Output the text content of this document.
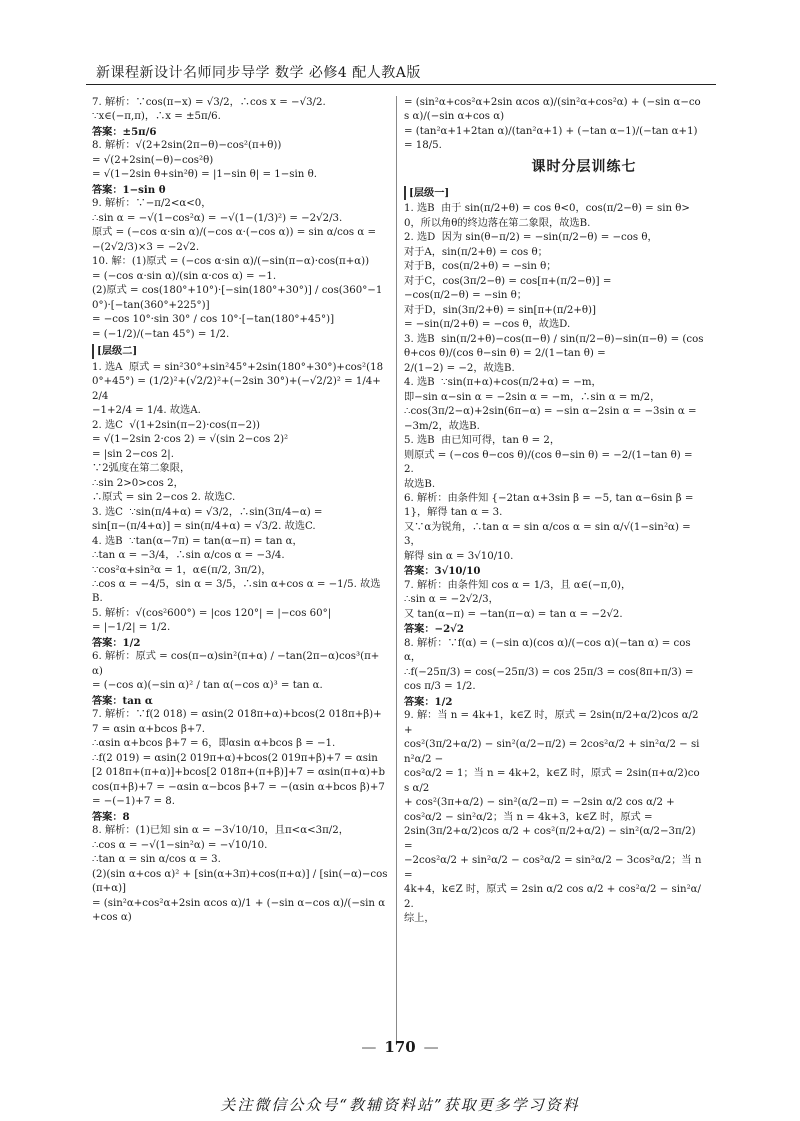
新课程新设计名师同步导学 数学 必修4 配人教A版

7. 解析：∵cos(π−x) = √3/2，∴cos x = −√3/2.

∵x∈(−π,π)，∴x = ±5π/6.

答案：±5π/6

8. 解析：√(2+2sin(2π−θ)−cos²(π+θ))

= √(2+2sin(−θ)−cos²θ)

= √(1−2sin θ+sin²θ) = |1−sin θ| = 1−sin θ.

答案：1−sin θ

9. 解析：∵−π/2<α<0，

∴sin α = −√(1−cos²α) = −√(1−(1/3)²) = −2√2/3.

原式 = (−cos α·sin α)/(−cos α·(−cos α)) = sin α/cos α = −(2√2/3)×3 = −2√2.

10. 解：(1)原式 = (−cos α·sin α)/(−sin(π−α)·cos(π+α))

= (−cos α·sin α)/(sin α·cos α) = −1.

(2)原式 = cos(180°+10°)·[−sin(180°+30°)] / cos(360°−10°)·[−tan(360°+225°)]

= −cos 10°·sin 30° / cos 10°·[−tan(180°+45°)]

= (−1/2)/(−tan 45°) = 1/2.

[层级二]

1. 选A  原式 = sin²30°+sin²45°+2sin(180°+30°)+cos²(180°+45°) = (1/2)²+(√2/2)²+(−2sin 30°)+(−√2/2)² = 1/4+2/4

−1+2/4 = 1/4. 故选A.

2. 选C  √(1+2sin(π−2)·cos(π−2))

= √(1−2sin 2·cos 2) = √(sin 2−cos 2)²

= |sin 2−cos 2|.

∵2弧度在第二象限，

∴sin 2>0>cos 2，

∴原式 = sin 2−cos 2. 故选C.

3. 选C  ∵sin(π/4+α) = √3/2，∴sin(3π/4−α) =

sin[π−(π/4+α)] = sin(π/4+α) = √3/2. 故选C.

4. 选B  ∵tan(α−7π) = tan(α−π) = tan α，

∴tan α = −3/4，∴sin α/cos α = −3/4.

∵cos²α+sin²α = 1，α∈(π/2, 3π/2)，

∴cos α = −4/5，sin α = 3/5，∴sin α+cos α = −1/5. 故选B.

5. 解析：√(cos²600°) = |cos 120°| = |−cos 60°|

= |−1/2| = 1/2.

答案：1/2

6. 解析：原式 = cos(π−α)sin²(π+α) / −tan(2π−α)cos³(π+α)

= (−cos α)(−sin α)² / tan α(−cos α)³ = tan α.

答案：tan α

7. 解析：∵f(2 018) = αsin(2 018π+α)+bcos(2 018π+β)+7 = αsin α+bcos β+7.

∴αsin α+bcos β+7 = 6，即αsin α+bcos β = −1.

∴f(2 019) = αsin(2 019π+α)+bcos(2 019π+β)+7 = αsin[2 018π+(π+α)]+bcos[2 018π+(π+β)]+7 = αsin(π+α)+bcos(π+β)+7 = −αsin α−bcos β+7 = −(αsin α+bcos β)+7 = −(−1)+7 = 8.

答案：8

8. 解析：(1)已知 sin α = −3√10/10，且π<α<3π/2，

∴cos α = −√(1−sin²α) = −√10/10.

∴tan α = sin α/cos α = 3.

(2)(sin α+cos α)² + [sin(α+3π)+cos(π+α)] / [sin(−α)−cos(π+α)]

= (sin²α+cos²α+2sin αcos α)/1 + (−sin α−cos α)/(−sin α+cos α)

= (sin²α+cos²α+2sin αcos α)/(sin²α+cos²α) + (−sin α−cos α)/(−sin α+cos α)

= (tan²α+1+2tan α)/(tan²α+1) + (−tan α−1)/(−tan α+1) = 18/5.

课时分层训练七

[层级一]

1. 选B  由于 sin(π/2+θ) = cos θ<0，cos(π/2−θ) = sin θ>0，所以角θ的终边落在第二象限，故选B.

2. 选D  因为 sin(θ−π/2) = −sin(π/2−θ) = −cos θ，

对于A，sin(π/2+θ) = cos θ；

对于B，cos(π/2+θ) = −sin θ；

对于C，cos(3π/2−θ) = cos[π+(π/2−θ)] =

−cos(π/2−θ) = −sin θ；

对于D，sin(3π/2+θ) = sin[π+(π/2+θ)]

= −sin(π/2+θ) = −cos θ，故选D.

3. 选B  sin(π/2+θ)−cos(π−θ) / sin(π/2−θ)−sin(π−θ) = (cos θ+cos θ)/(cos θ−sin θ) = 2/(1−tan θ) =

2/(1−2) = −2，故选B.

4. 选B  ∵sin(π+α)+cos(π/2+α) = −m，

即−sin α−sin α = −2sin α = −m，∴sin α = m/2，

∴cos(3π/2−α)+2sin(6π−α) = −sin α−2sin α = −3sin α =

−3m/2，故选B.

5. 选B  由已知可得，tan θ = 2，

则原式 = (−cos θ−cos θ)/(cos θ−sin θ) = −2/(1−tan θ) = 2.

故选B.

6. 解析：由条件知 {−2tan α+3sin β = −5, tan α−6sin β = 1}，解得 tan α = 3.

又∵α为锐角，∴tan α = sin α/cos α = sin α/√(1−sin²α) = 3，

解得 sin α = 3√10/10.

答案：3√10/10

7. 解析：由条件知 cos α = 1/3，且 α∈(−π,0)，

∴sin α = −2√2/3，

又 tan(α−π) = −tan(π−α) = tan α = −2√2.

答案：−2√2

8. 解析：∵f(α) = (−sin α)(cos α)/(−cos α)(−tan α) = cos α，

∴f(−25π/3) = cos(−25π/3) = cos 25π/3 = cos(8π+π/3) =

cos π/3 = 1/2.

答案：1/2

9. 解：当 n = 4k+1，k∈Z 时，原式 = 2sin(π/2+α/2)cos α/2 +

cos²(3π/2+α/2) − sin²(α/2−π/2) = 2cos²α/2 + sin²α/2 − sin²α/2 −

cos²α/2 = 1；当 n = 4k+2，k∈Z 时，原式 = 2sin(π+α/2)cos α/2

+ cos²(3π+α/2) − sin²(α/2−π) = −2sin α/2 cos α/2 +

cos²α/2 − sin²α/2；当 n = 4k+3，k∈Z 时，原式 =

2sin(3π/2+α/2)cos α/2 + cos²(π/2+α/2) − sin²(α/2−3π/2) =

−2cos²α/2 + sin²α/2 − cos²α/2 = sin²α/2 − 3cos²α/2；当 n =

4k+4，k∈Z 时，原式 = 2sin α/2 cos α/2 + cos²α/2 − sin²α/2.

综上，

— 170 —
关注微信公众号“教辅资料站”获取更多学习资料
